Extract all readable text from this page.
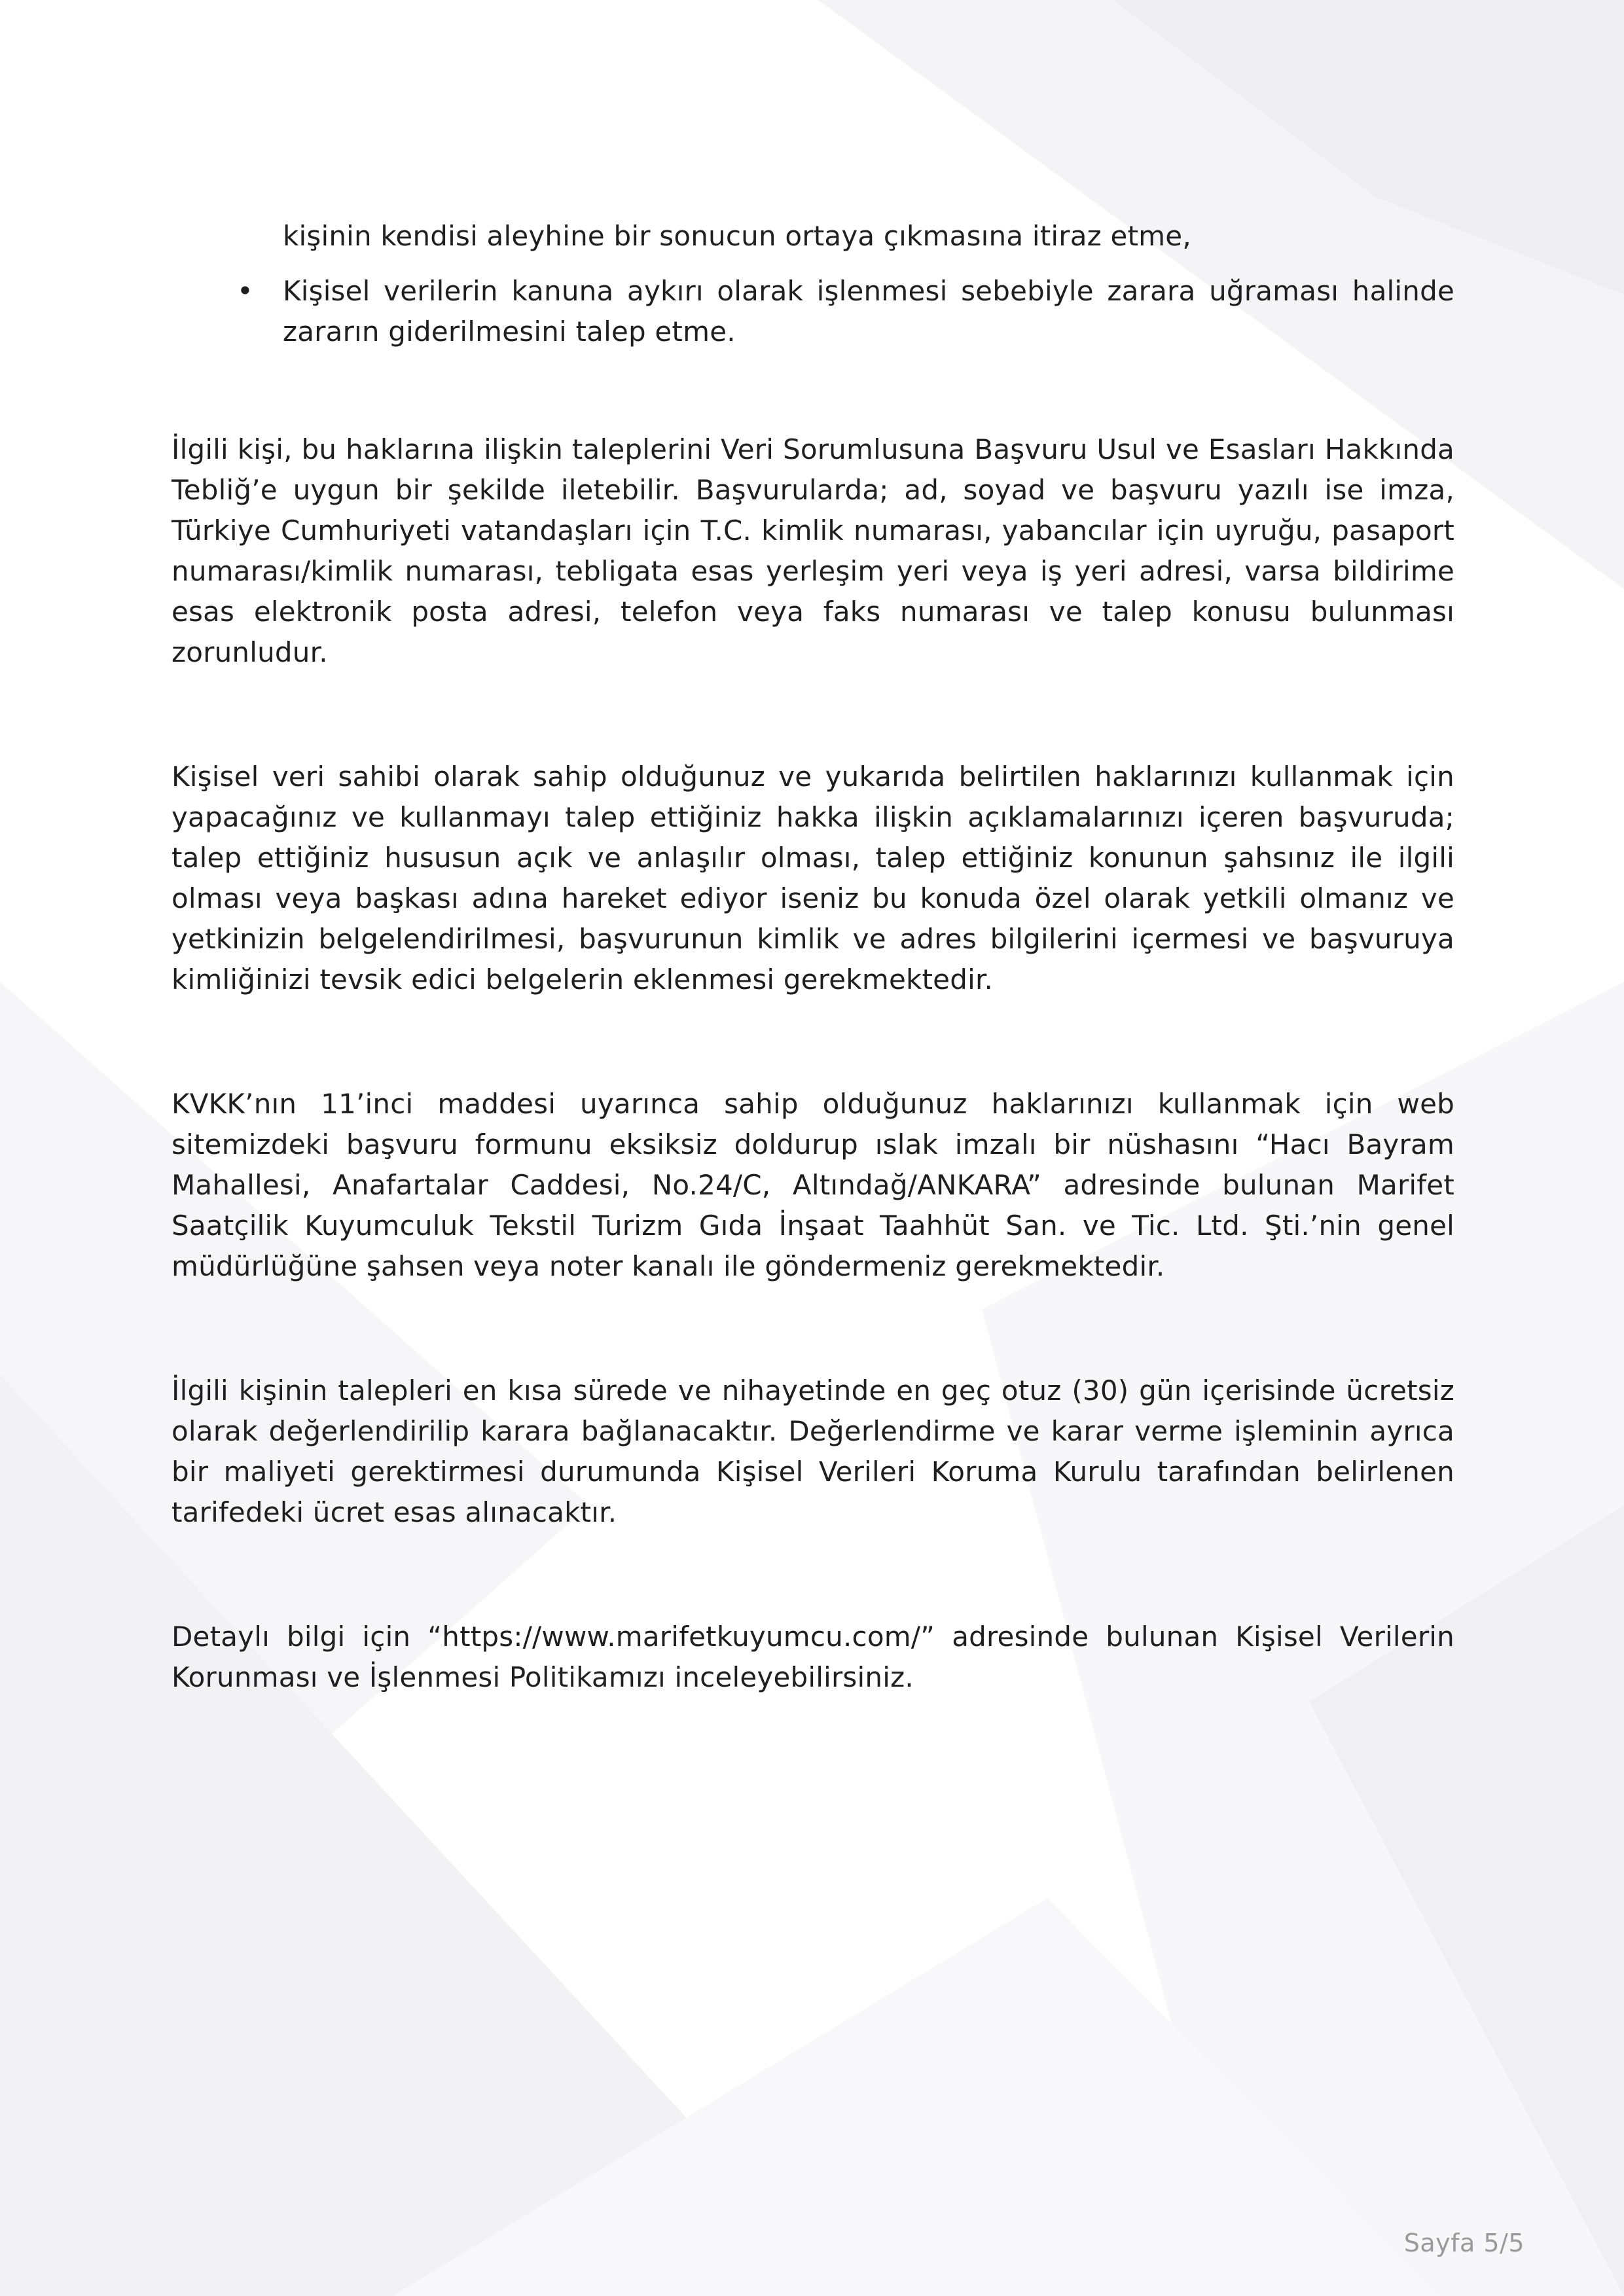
kişinin kendisi aleyhine bir sonucun ortaya çıkmasına itiraz etme,

• Kişisel verilerin kanuna aykırı olarak işlenmesi sebebiyle zarara uğraması halinde zararın giderilmesini talep etme.

İlgili kişi, bu haklarına ilişkin taleplerini Veri Sorumlusuna Başvuru Usul ve Esasları Hakkında Tebliğ’e uygun bir şekilde iletebilir. Başvurularda; ad, soyad ve başvuru yazılı ise imza, Türkiye Cumhuriyeti vatandaşları için T.C. kimlik numarası, yabancılar için uyruğu, pasaport numarası/kimlik numarası, tebligata esas yerleşim yeri veya iş yeri adresi, varsa bildirime esas elektronik posta adresi, telefon veya faks numarası ve talep konusu bulunması zorunludur.

Kişisel veri sahibi olarak sahip olduğunuz ve yukarıda belirtilen haklarınızı kullanmak için yapacağınız ve kullanmayı talep ettiğiniz hakka ilişkin açıklamalarınızı içeren başvuruda; talep ettiğiniz hususun açık ve anlaşılır olması, talep ettiğiniz konunun şahsınız ile ilgili olması veya başkası adına hareket ediyor iseniz bu konuda özel olarak yetkili olmanız ve yetkinizin belgelendirilmesi, başvurunun kimlik ve adres bilgilerini içermesi ve başvuruya kimliğinizi tevsik edici belgelerin eklenmesi gerekmektedir.

KVKK’nın 11’inci maddesi uyarınca sahip olduğunuz haklarınızı kullanmak için web sitemizdeki başvuru formunu eksiksiz doldurup ıslak imzalı bir nüshasını “Hacı Bayram Mahallesi, Anafartalar Caddesi, No.24/C, Altındağ/ANKARA” adresinde bulunan Marifet Saatçilik Kuyumculuk Tekstil Turizm Gıda İnşaat Taahhüt San. ve Tic. Ltd. Şti.’nin genel müdürlüğüne şahsen veya noter kanalı ile göndermeniz gerekmektedir.

İlgili kişinin talepleri en kısa sürede ve nihayetinde en geç otuz (30) gün içerisinde ücretsiz olarak değerlendirilip karara bağlanacaktır. Değerlendirme ve karar verme işleminin ayrıca bir maliyeti gerektirmesi durumunda Kişisel Verileri Koruma Kurulu tarafından belirlenen tarifedeki ücret esas alınacaktır.

Detaylı bilgi için “https://www.marifetkuyumcu.com/” adresinde bulunan Kişisel Verilerin Korunması ve İşlenmesi Politikamızı inceleyebilirsiniz.

Sayfa 5/5
